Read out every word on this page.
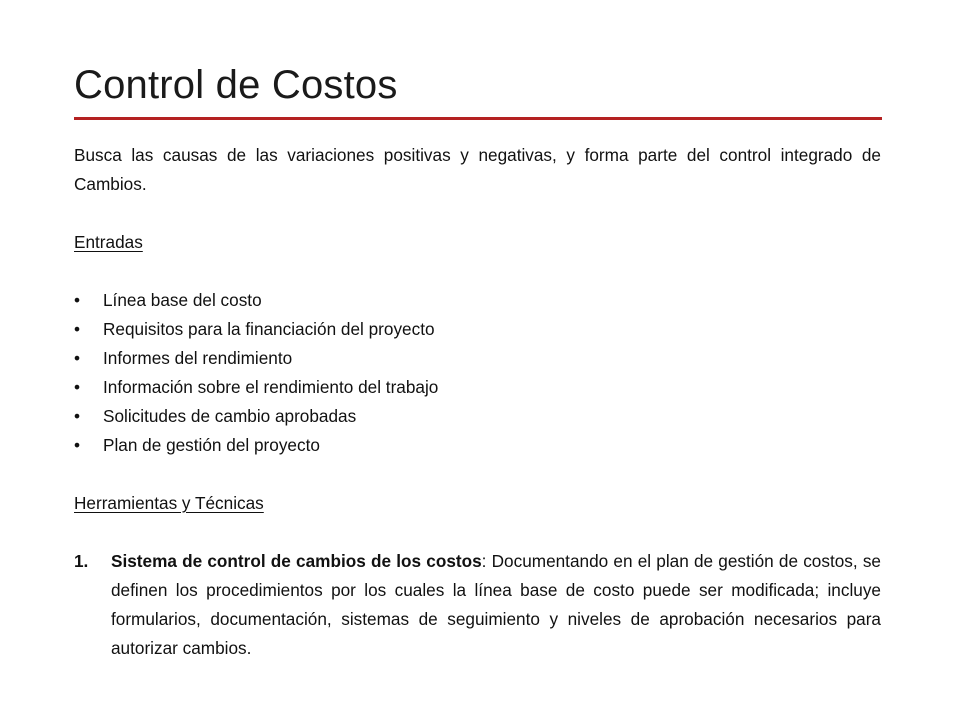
Control de Costos

Busca las causas de las variaciones positivas y negativas, y forma parte del control integrado de Cambios.

Entradas
•	Línea base del costo
•	Requisitos para la financiación del proyecto
•	Informes del rendimiento
•	Información sobre el rendimiento del trabajo
•	Solicitudes de cambio aprobadas
•	Plan de gestión del proyecto
Herramientas y Técnicas
1. Sistema de control de cambios de los costos: Documentando en el plan de gestión de costos, se definen los procedimientos por los cuales la línea base de costo puede ser modificada; incluye formularios, documentación, sistemas de seguimiento y niveles de aprobación necesarios para autorizar cambios.
